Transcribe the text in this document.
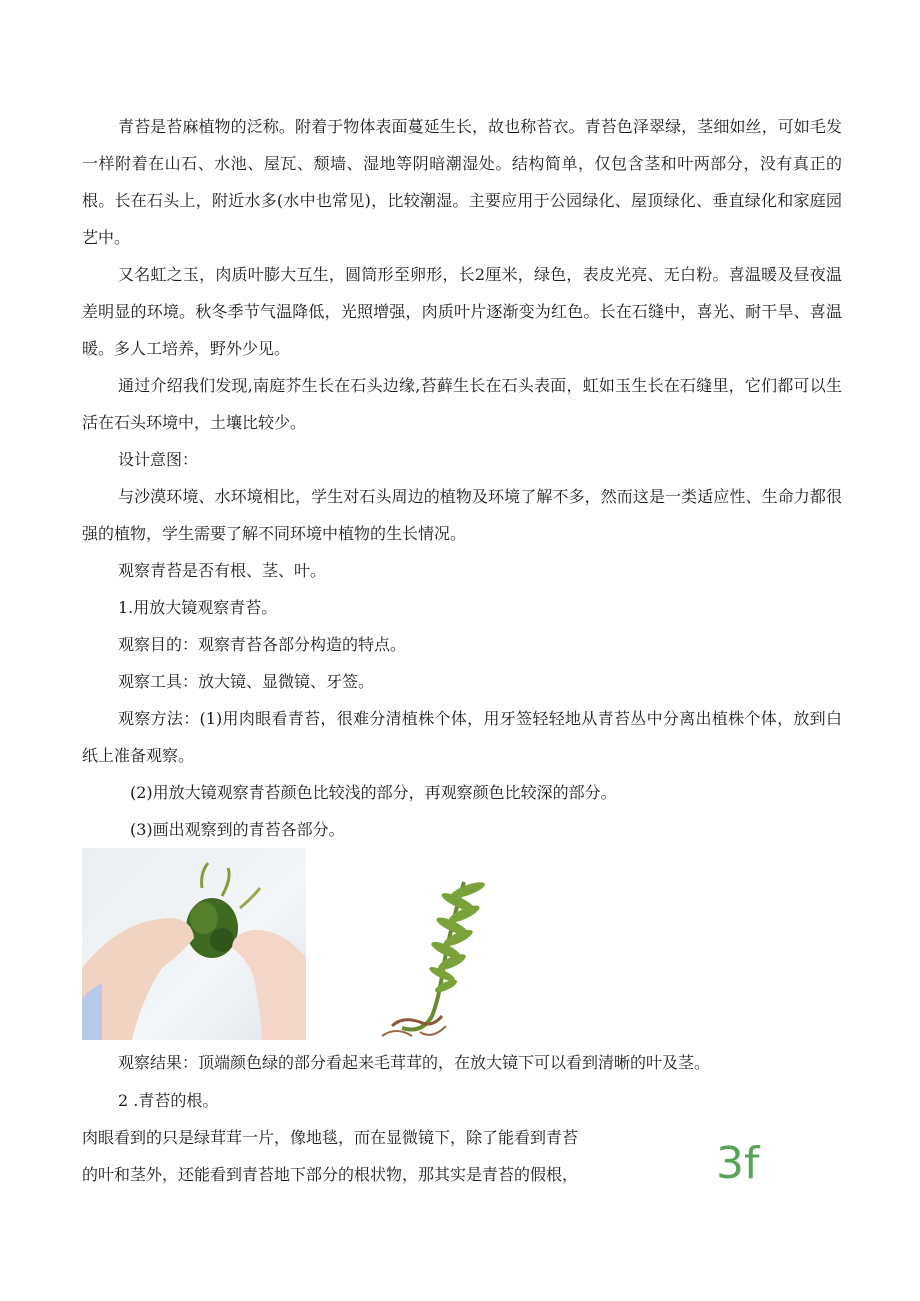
青苔是苔麻植物的泛称。附着于物体表面蔓延生长，故也称苔衣。青苔色泽翠绿，茎细如丝，可如毛发一样附着在山石、水池、屋瓦、颓墙、湿地等阴暗潮湿处。结构简单，仅包含茎和叶两部分，没有真正的根。长在石头上，附近水多(水中也常见)，比较潮湿。主要应用于公园绿化、屋顶绿化、垂直绿化和家庭园艺中。

又名虹之玉，肉质叶膨大互生，圆筒形至卵形，长2厘米，绿色，表皮光亮、无白粉。喜温暖及昼夜温差明显的环境。秋冬季节气温降低，光照增强，肉质叶片逐渐变为红色。长在石缝中，喜光、耐干旱、喜温暖。多人工培养，野外少见。

通过介绍我们发现,南庭芥生长在石头边缘,苔藓生长在石头表面，虹如玉生长在石缝里，它们都可以生活在石头环境中，土壤比较少。

设计意图：

与沙漠环境、水环境相比，学生对石头周边的植物及环境了解不多，然而这是一类适应性、生命力都很强的植物，学生需要了解不同环境中植物的生长情况。

观察青苔是否有根、茎、叶。

1.用放大镜观察青苔。

观察目的：观察青苔各部分构造的特点。

观察工具：放大镜、显微镜、牙签。

观察方法：(1)用肉眼看青苔，很难分清植株个体，用牙签轻轻地从青苔丛中分离出植株个体，放到白纸上准备观察。

(2)用放大镜观察青苔颜色比较浅的部分，再观察颜色比较深的部分。

(3)画出观察到的青苔各部分。

观察结果：顶端颜色绿的部分看起来毛茸茸的，在放大镜下可以看到清晰的叶及茎。

2 .青苔的根。

肉眼看到的只是绿茸茸一片，像地毯，而在显微镜下，除了能看到青苔

的叶和茎外，还能看到青苔地下部分的根状物，那其实是青苔的假根，	3f
